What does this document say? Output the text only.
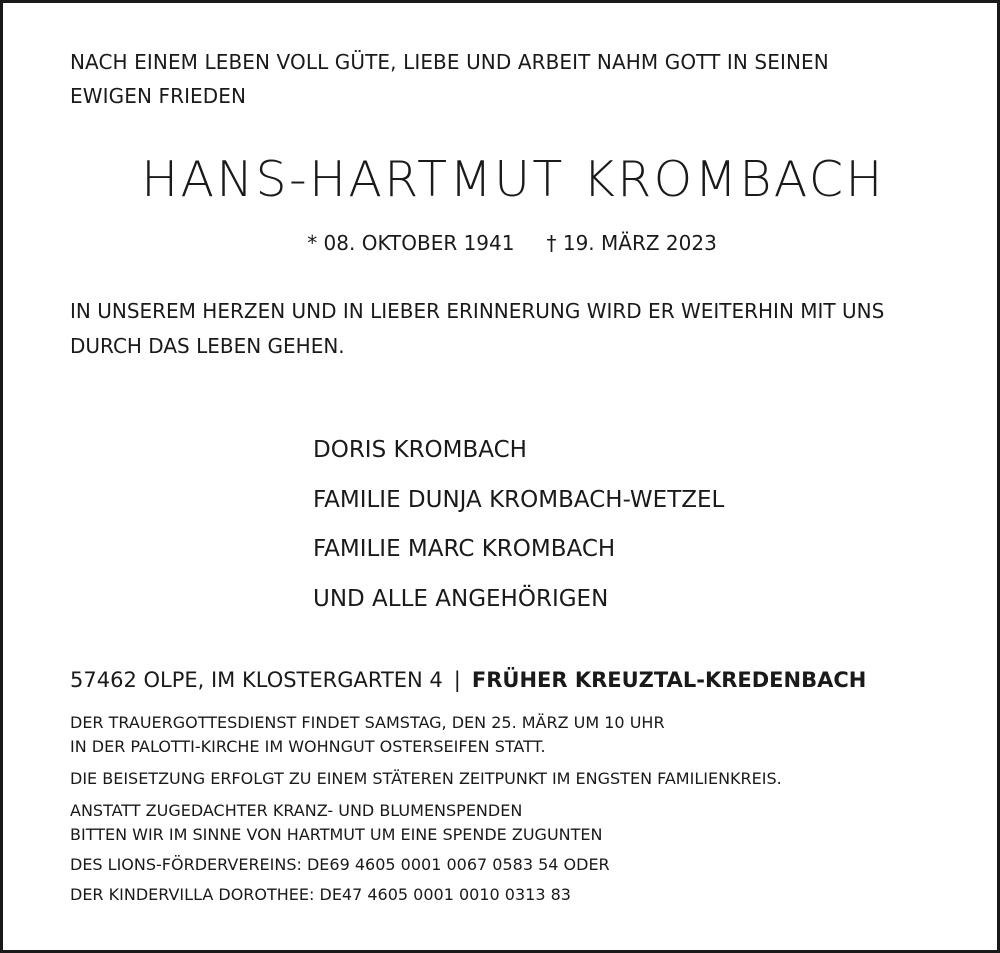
NACH EINEM LEBEN VOLL GÜTE, LIEBE UND ARBEIT NAHM GOTT IN SEINEN
EWIGEN FRIEDEN
HANS-HARTMUT KROMBACH
* 08. OKTOBER 1941 † 19. MÄRZ 2023
IN UNSEREM HERZEN UND IN LIEBER ERINNERUNG WIRD ER WEITERHIN MIT UNS
DURCH DAS LEBEN GEHEN.
DORIS KROMBACH
FAMILIE DUNJA KROMBACH-WETZEL
FAMILIE MARC KROMBACH
UND ALLE ANGEHÖRIGEN
57462 OLPE, IM KLOSTERGARTEN 4 | FRÜHER KREUZTAL-KREDENBACH
DER TRAUERGOTTESDIENST FINDET SAMSTAG, DEN 25. MÄRZ UM 10 UHR
IN DER PALOTTI-KIRCHE IM WOHNGUT OSTERSEIFEN STATT.
DIE BEISETZUNG ERFOLGT ZU EINEM STÄTEREN ZEITPUNKT IM ENGSTEN FAMILIENKREIS.
ANSTATT ZUGEDACHTER KRANZ- UND BLUMENSPENDEN
BITTEN WIR IM SINNE VON HARTMUT UM EINE SPENDE ZUGUNTEN
DES LIONS-FÖRDERVEREINS: DE69 4605 0001 0067 0583 54 ODER
DER KINDERVILLA DOROTHEE: DE47 4605 0001 0010 0313 83
